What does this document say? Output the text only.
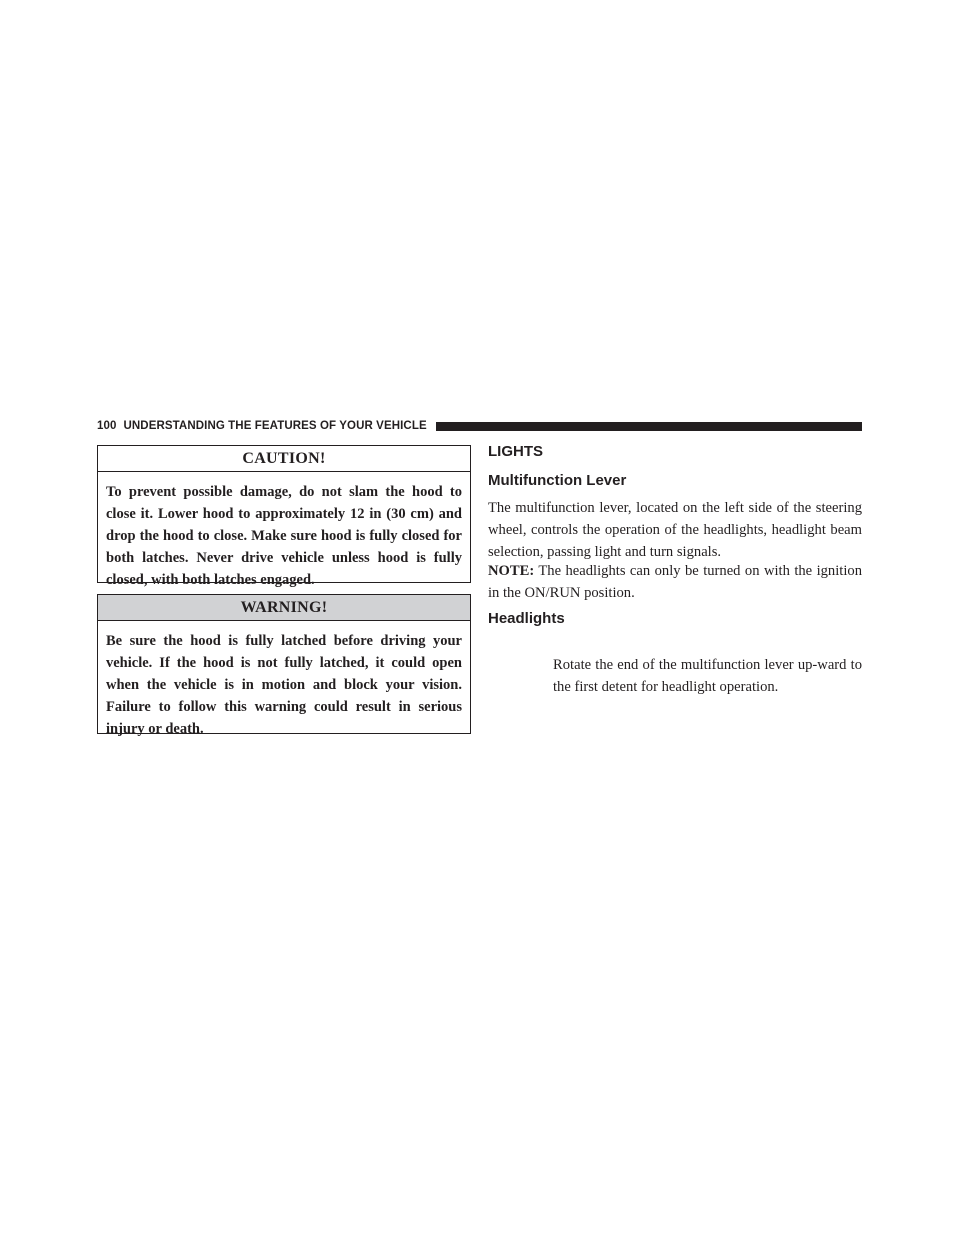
100 UNDERSTANDING THE FEATURES OF YOUR VEHICLE
CAUTION!
To prevent possible damage, do not slam the hood to close it. Lower hood to approximately 12 in (30 cm) and drop the hood to close. Make sure hood is fully closed for both latches. Never drive vehicle unless hood is fully closed, with both latches engaged.
WARNING!
Be sure the hood is fully latched before driving your vehicle. If the hood is not fully latched, it could open when the vehicle is in motion and block your vision. Failure to follow this warning could result in serious injury or death.
LIGHTS
Multifunction Lever
The multifunction lever, located on the left side of the steering wheel, controls the operation of the headlights, headlight beam selection, passing light and turn signals.
NOTE: The headlights can only be turned on with the ignition in the ON/RUN position.
Headlights
Rotate the end of the multifunction lever up-ward to the first detent for headlight operation.
